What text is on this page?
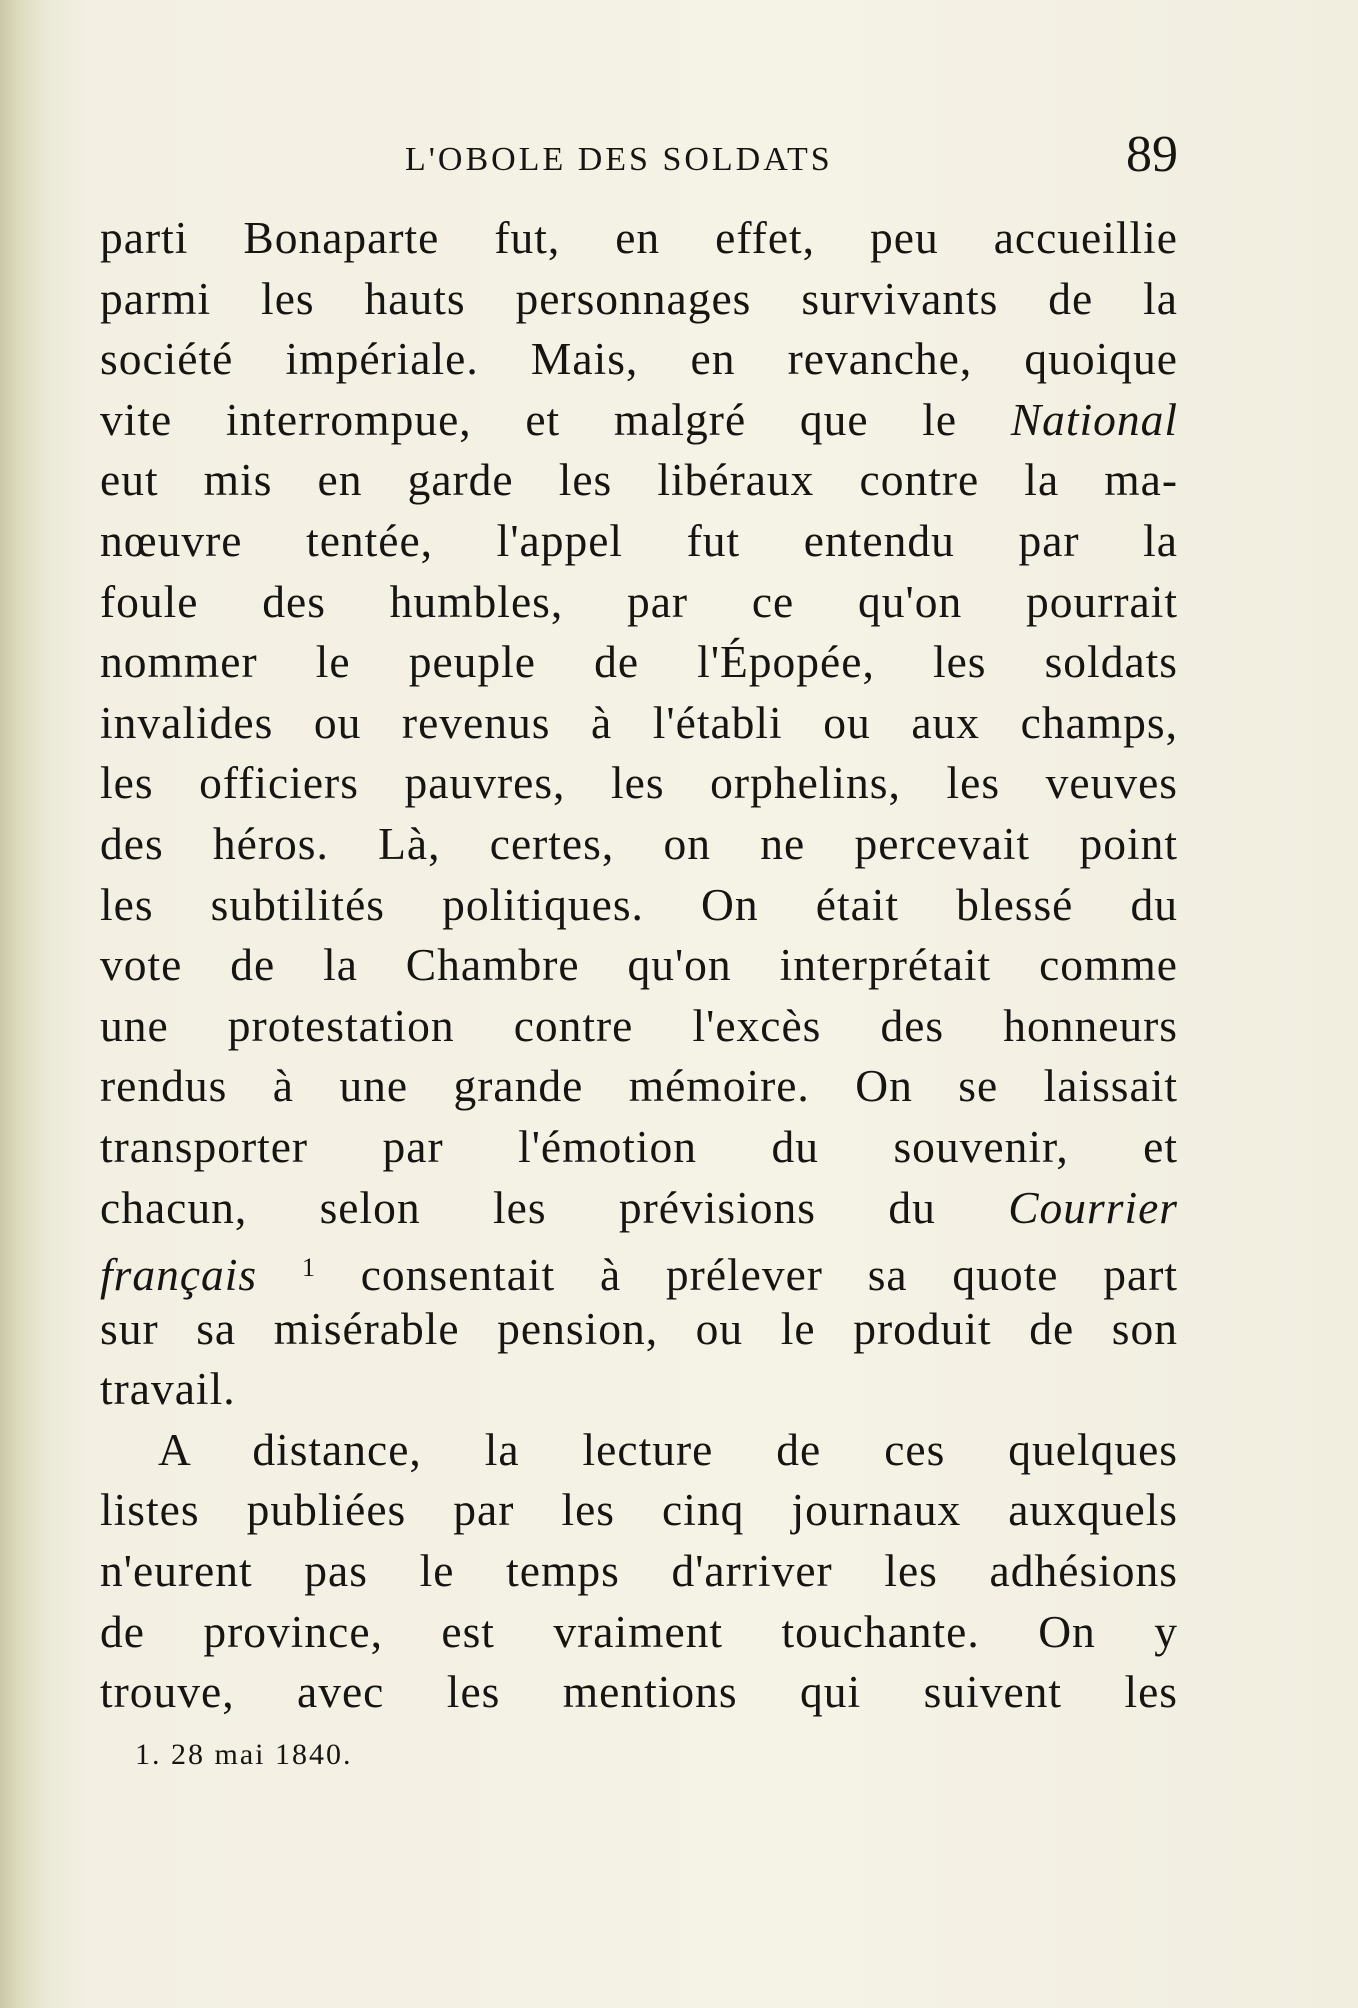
L'OBOLE DES SOLDATS	89
parti Bonaparte fut, en effet, peu accueillie
parmi les hauts personnages survivants de la
société impériale. Mais, en revanche, quoique
vite interrompue, et malgré que le National
eut mis en garde les libéraux contre la ma-
nœuvre tentée, l'appel fut entendu par la
foule des humbles, par ce qu'on pourrait
nommer le peuple de l'Épopée, les soldats
invalides ou revenus à l'établi ou aux champs,
les officiers pauvres, les orphelins, les veuves
des héros. Là, certes, on ne percevait point
les subtilités politiques. On était blessé du
vote de la Chambre qu'on interprétait comme
une protestation contre l'excès des honneurs
rendus à une grande mémoire. On se laissait
transporter par l'émotion du souvenir, et
chacun, selon les prévisions du Courrier
français $^1$ consentait à prélever sa quote part
sur sa misérable pension, ou le produit de son
travail.
A distance, la lecture de ces quelques
listes publiées par les cinq journaux auxquels
n'eurent pas le temps d'arriver les adhésions
de province, est vraiment touchante. On y
trouve, avec les mentions qui suivent les
1. 28 mai 1840.
